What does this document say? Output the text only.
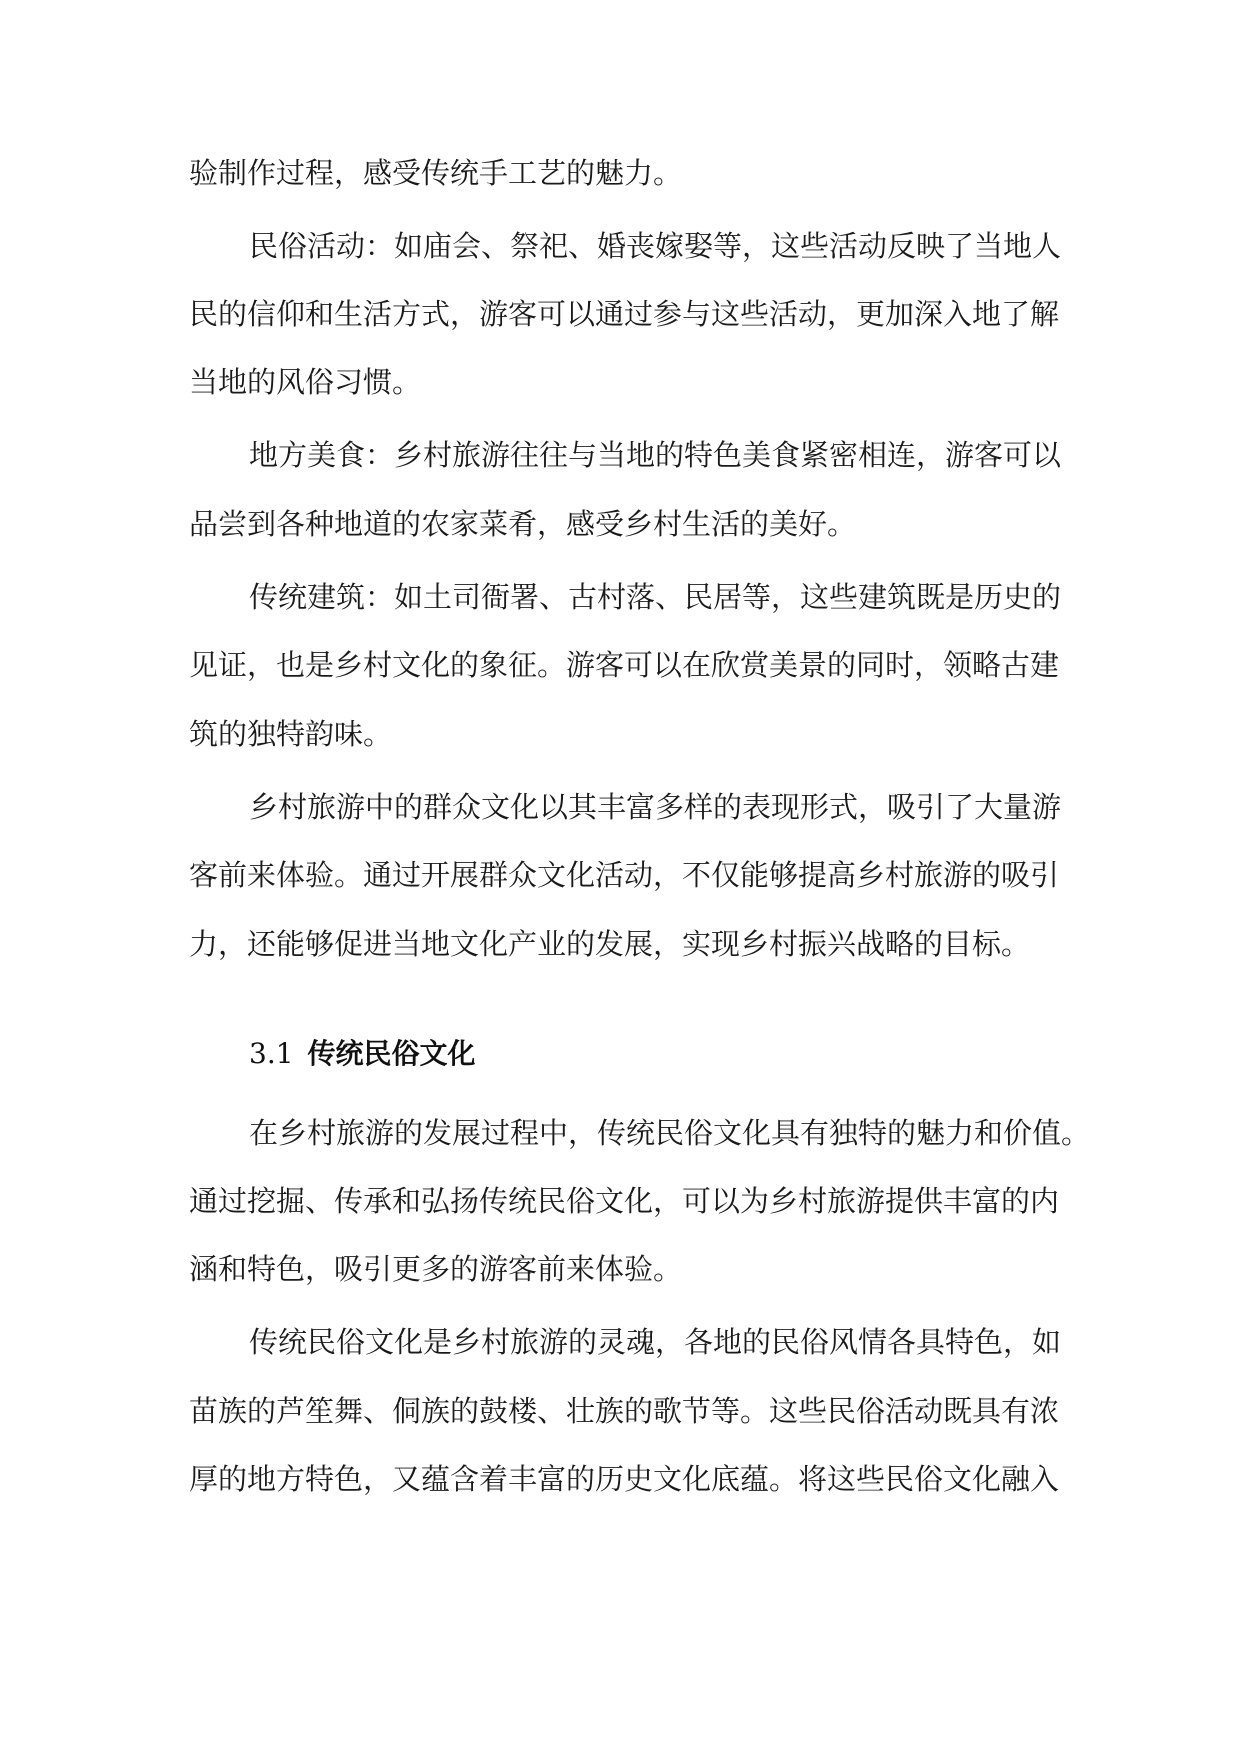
验制作过程，感受传统手工艺的魅力。

民俗活动：如庙会、祭祀、婚丧嫁娶等，这些活动反映了当地人

民的信仰和生活方式，游客可以通过参与这些活动，更加深入地了解

当地的风俗习惯。

地方美食：乡村旅游往往与当地的特色美食紧密相连，游客可以

品尝到各种地道的农家菜肴，感受乡村生活的美好。

传统建筑：如土司衙署、古村落、民居等，这些建筑既是历史的

见证，也是乡村文化的象征。游客可以在欣赏美景的同时，领略古建

筑的独特韵味。

乡村旅游中的群众文化以其丰富多样的表现形式，吸引了大量游

客前来体验。通过开展群众文化活动，不仅能够提高乡村旅游的吸引

力，还能够促进当地文化产业的发展，实现乡村振兴战略的目标。

3.1 传统民俗文化

在乡村旅游的发展过程中，传统民俗文化具有独特的魅力和价值。

通过挖掘、传承和弘扬传统民俗文化，可以为乡村旅游提供丰富的内

涵和特色，吸引更多的游客前来体验。

传统民俗文化是乡村旅游的灵魂，各地的民俗风情各具特色，如

苗族的芦笙舞、侗族的鼓楼、壮族的歌节等。这些民俗活动既具有浓

厚的地方特色，又蕴含着丰富的历史文化底蕴。将这些民俗文化融入
